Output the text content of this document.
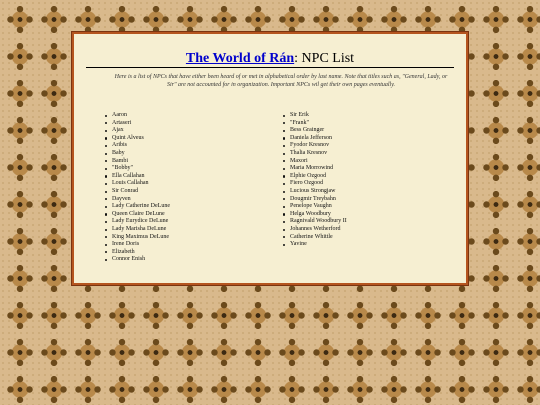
The World of Rán: NPC List
Here is a list of NPCs that have either been heard of or met in alphabetical order by last name. Note that titles such as, "General, Lady, or Sir" are not accounted for in organization. Important NPCs wil get their own pages eventually.
Aaron
Artaseri
Ajax
Quint Alveus
Aribis
Baby
Bambi
"Bobby"
Ella Callahan
Louis Callahan
Sir Conrad
Dayven
Lady Catherine DeLune
Queen Claire DeLune
Lady Eurydice DeLune
Lady Marisha DeLune
King Maximus DeLune
Irene Doris
Elizabeth
Connor Enish
Sir Erik
"Frank"
Bess Grainger
Daniela Jefferson
Fyodor Kresnov
Thalia Kresnov
Maxori
Maria Morrowind
Elphie Ozgood
Fiero Ozgood
Lucious Strongjaw
Dougmir Treybahn
Penelope Vaughn
Helga Woodbury
Ragnivald Woodbury II
Johannes Wetherford
Catherine Whittle
Yavine
